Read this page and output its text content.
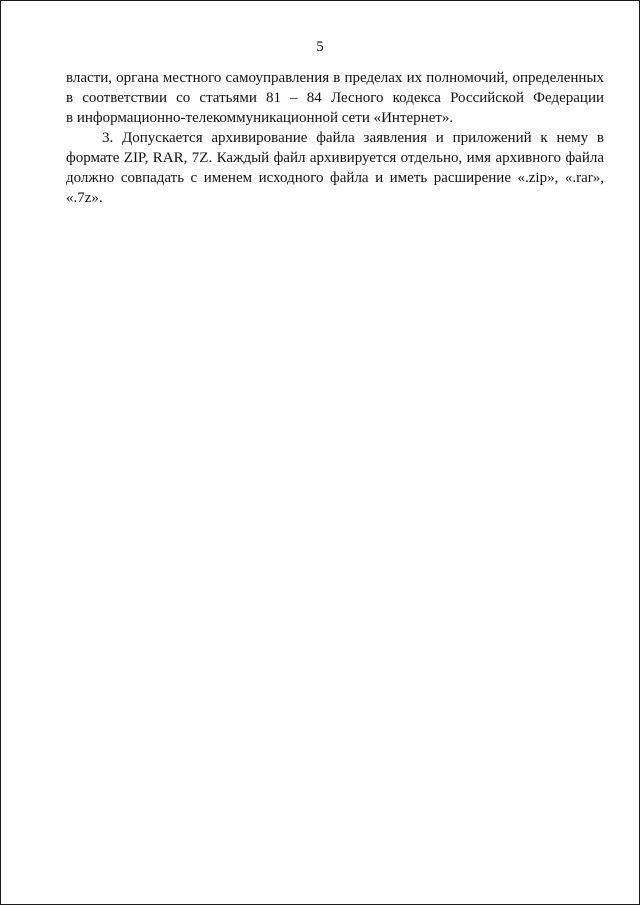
5
власти, органа местного самоуправления в пределах их полномочий, определенных
в соответствии со статьями 81 – 84 Лесного кодекса Российской Федерации
в информационно-телекоммуникационной сети «Интернет».
3. Допускается архивирование файла заявления и приложений к нему в
формате ZIP, RAR, 7Z. Каждый файл архивируется отдельно, имя архивного файла
должно совпадать с именем исходного файла и иметь расширение «.zip», «.rar»,
«.7z».
